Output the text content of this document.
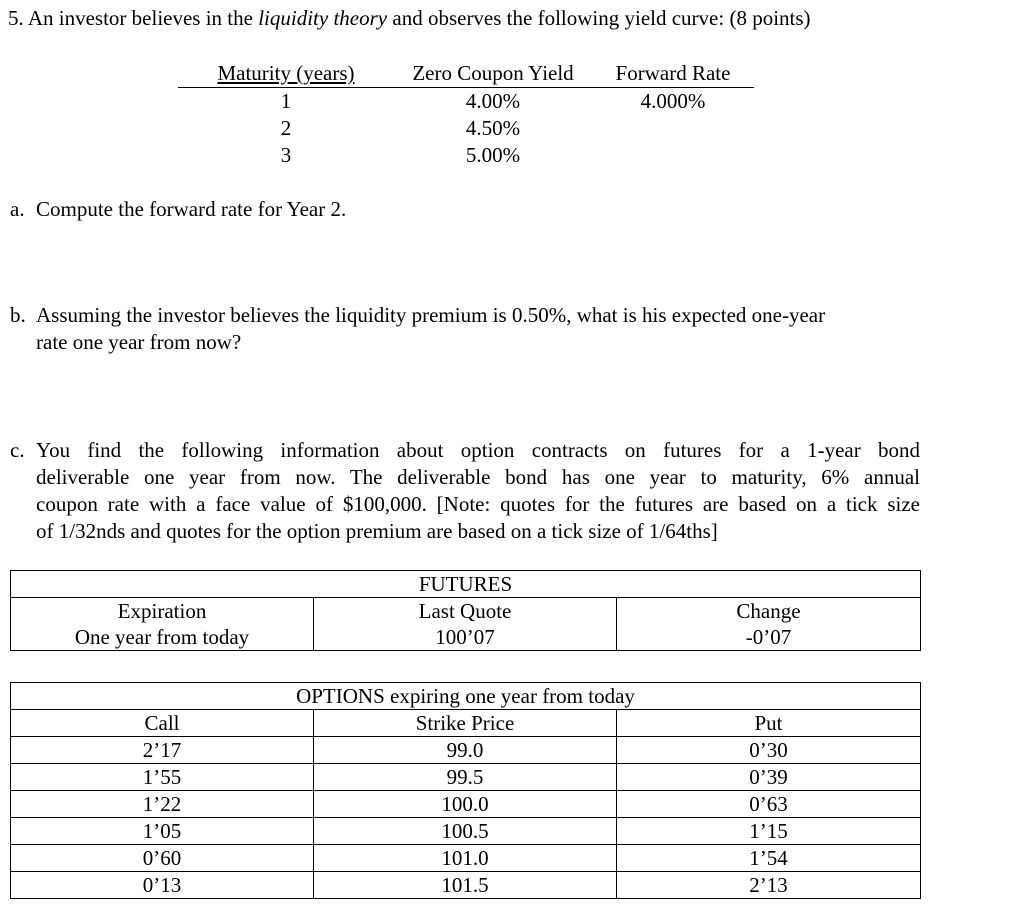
5. An investor believes in the liquidity theory and observes the following yield curve: (8 points)
Maturity (years)	Zero Coupon Yield	Forward Rate
1	4.00%	4.000%
2	4.50%
3	5.00%
a. Compute the forward rate for Year 2.
b. Assuming the investor believes the liquidity premium is 0.50%, what is his expected one-year
rate one year from now?
c. You find the following information about option contracts on futures for a 1-year bond
deliverable one year from now. The deliverable bond has one year to maturity, 6% annual
coupon rate with a face value of $100,000. [Note: quotes for the futures are based on a tick size
of 1/32nds and quotes for the option premium are based on a tick size of 1/64ths]
FUTURES		
Expiration	Last Quote	Change
One year from today	100’07	-0’07
OPTIONS expiring one year from today		
Call	Strike Price	Put
2’17	99.0	0’30
1’55	99.5	0’39
1’22	100.0	0’63
1’05	100.5	1’15
0’60	101.0	1’54
0’13	101.5	2’13
